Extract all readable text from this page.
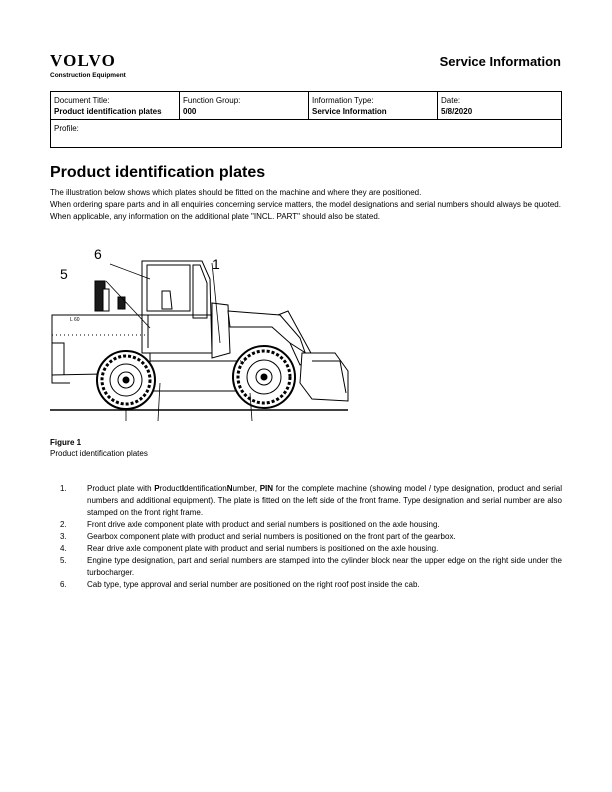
VOLVO
Construction Equipment
Service Information
Document Title:
Product identification plates

Function Group:
000

Information Type:
Service Information

Date:
5/8/2020

Profile:
Product identification plates

The illustration below shows which plates should be fitted on the machine and where they are positioned.

When ordering spare parts and in all enquiries concerning service matters, the model designations and serial numbers should always be quoted.

When applicable, any information on the additional plate "INCL. PART" should also be stated.

5
6
1
L 60
Figure 1
Product identification plates
1.	Product plate with ProductIdentificationNumber, PIN for the complete machine (showing model / type designation, product and serial numbers and additional equipment). The plate is fitted on the left side of the front frame. Type designation and serial number are also stamped on the front right frame.
2.	Front drive axle component plate with product and serial numbers is positioned on the axle housing.
3.	Gearbox component plate with product and serial numbers is positioned on the front part of the gearbox.
4.	Rear drive axle component plate with product and serial numbers is positioned on the axle housing.
5.	Engine type designation, part and serial numbers are stamped into the cylinder block near the upper edge on the right side under the turbocharger.
6.	Cab type, type approval and serial number are positioned on the right roof post inside the cab.
